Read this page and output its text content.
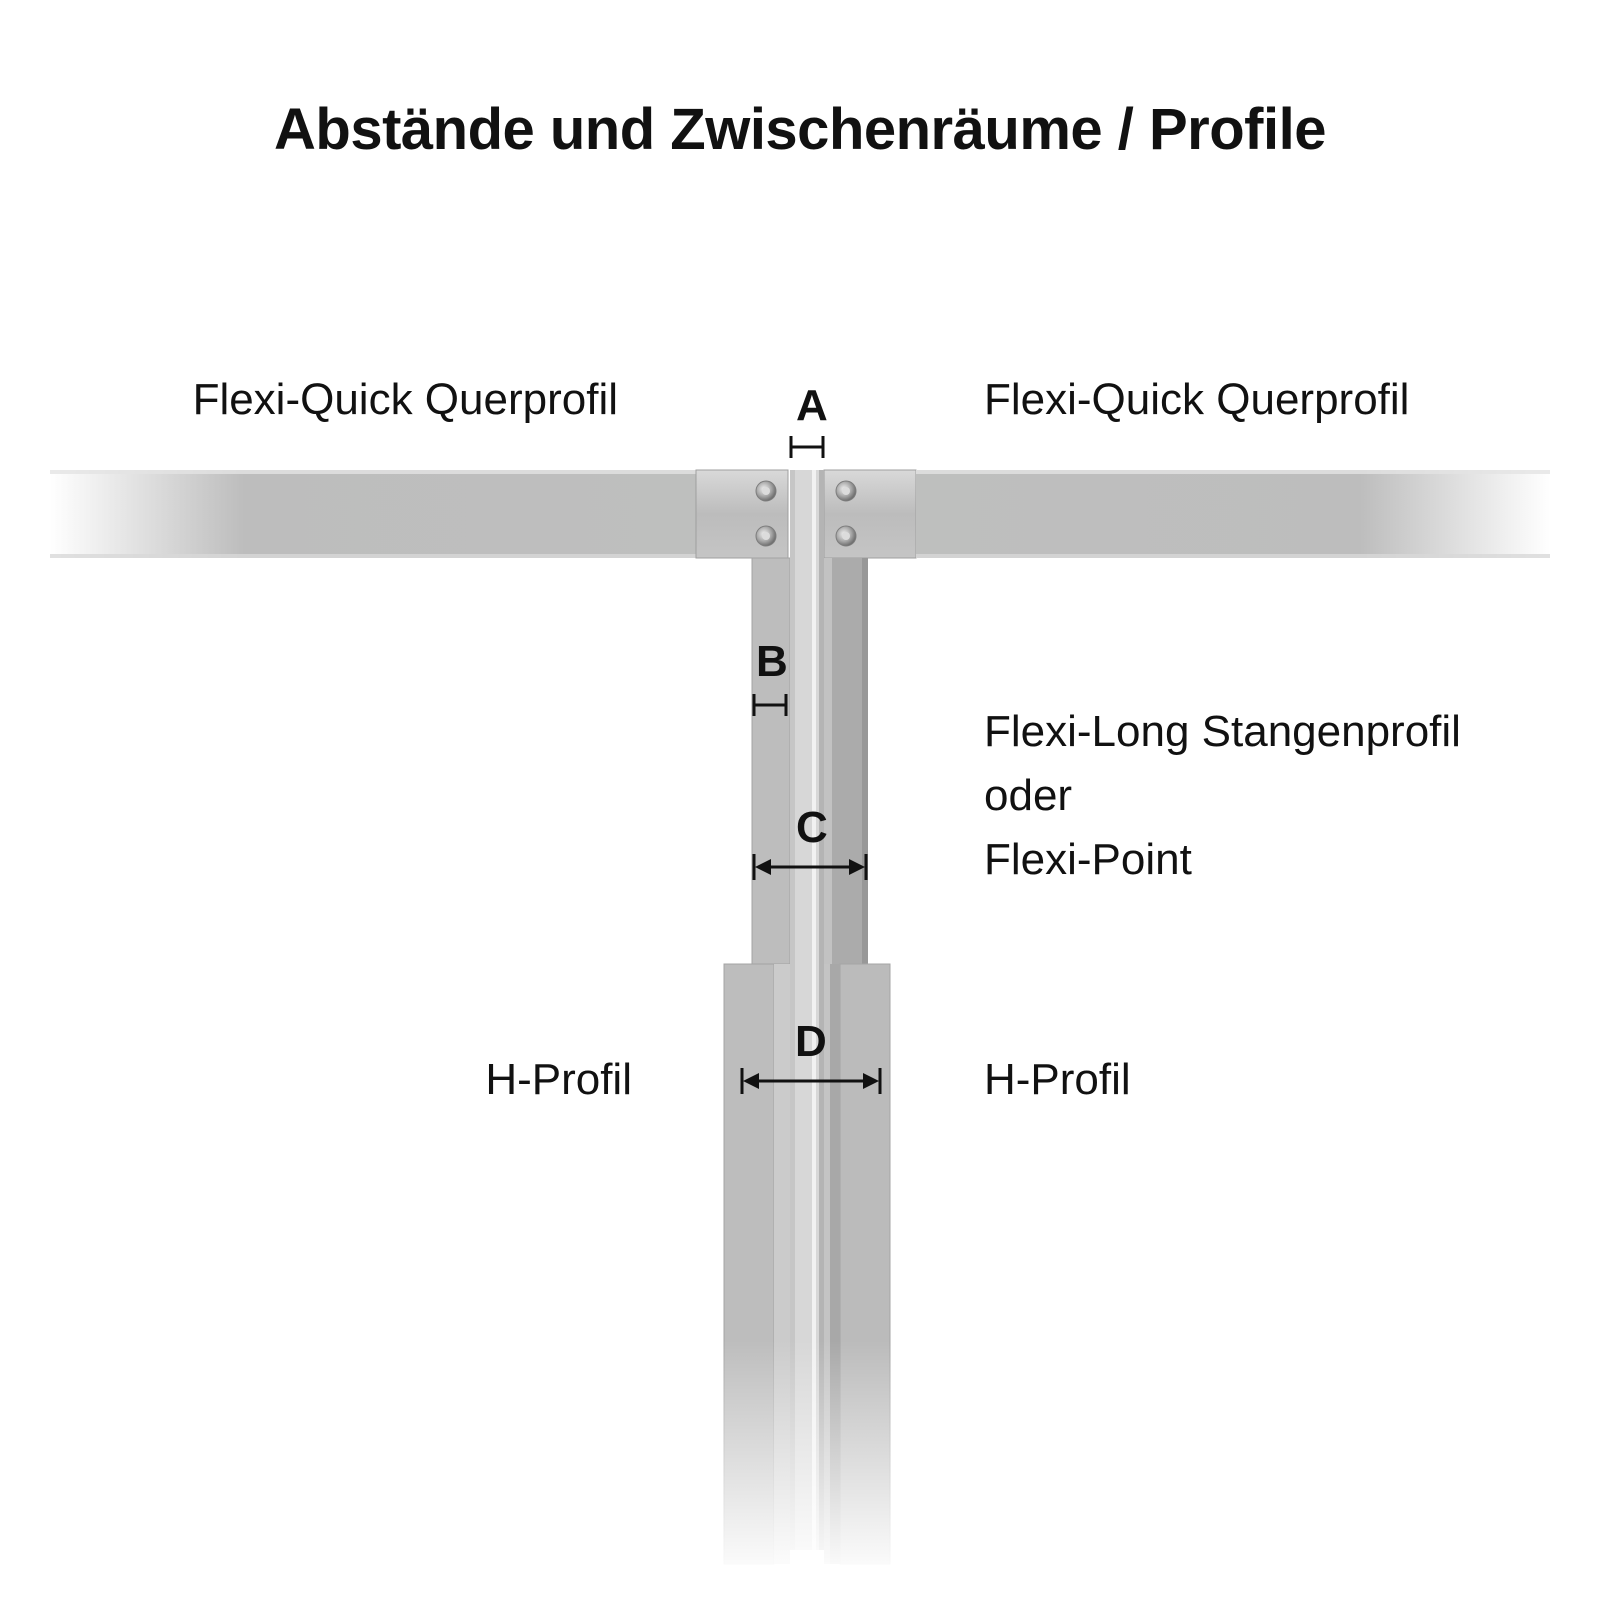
Abstände und Zwischenräume / Profile
Flexi-Quick Querprofil	Flexi-Quick Querprofil
Flexi-Long Stangenprofil
oder
Flexi-Point
H-Profil	H-Profil
A
B
C
D
